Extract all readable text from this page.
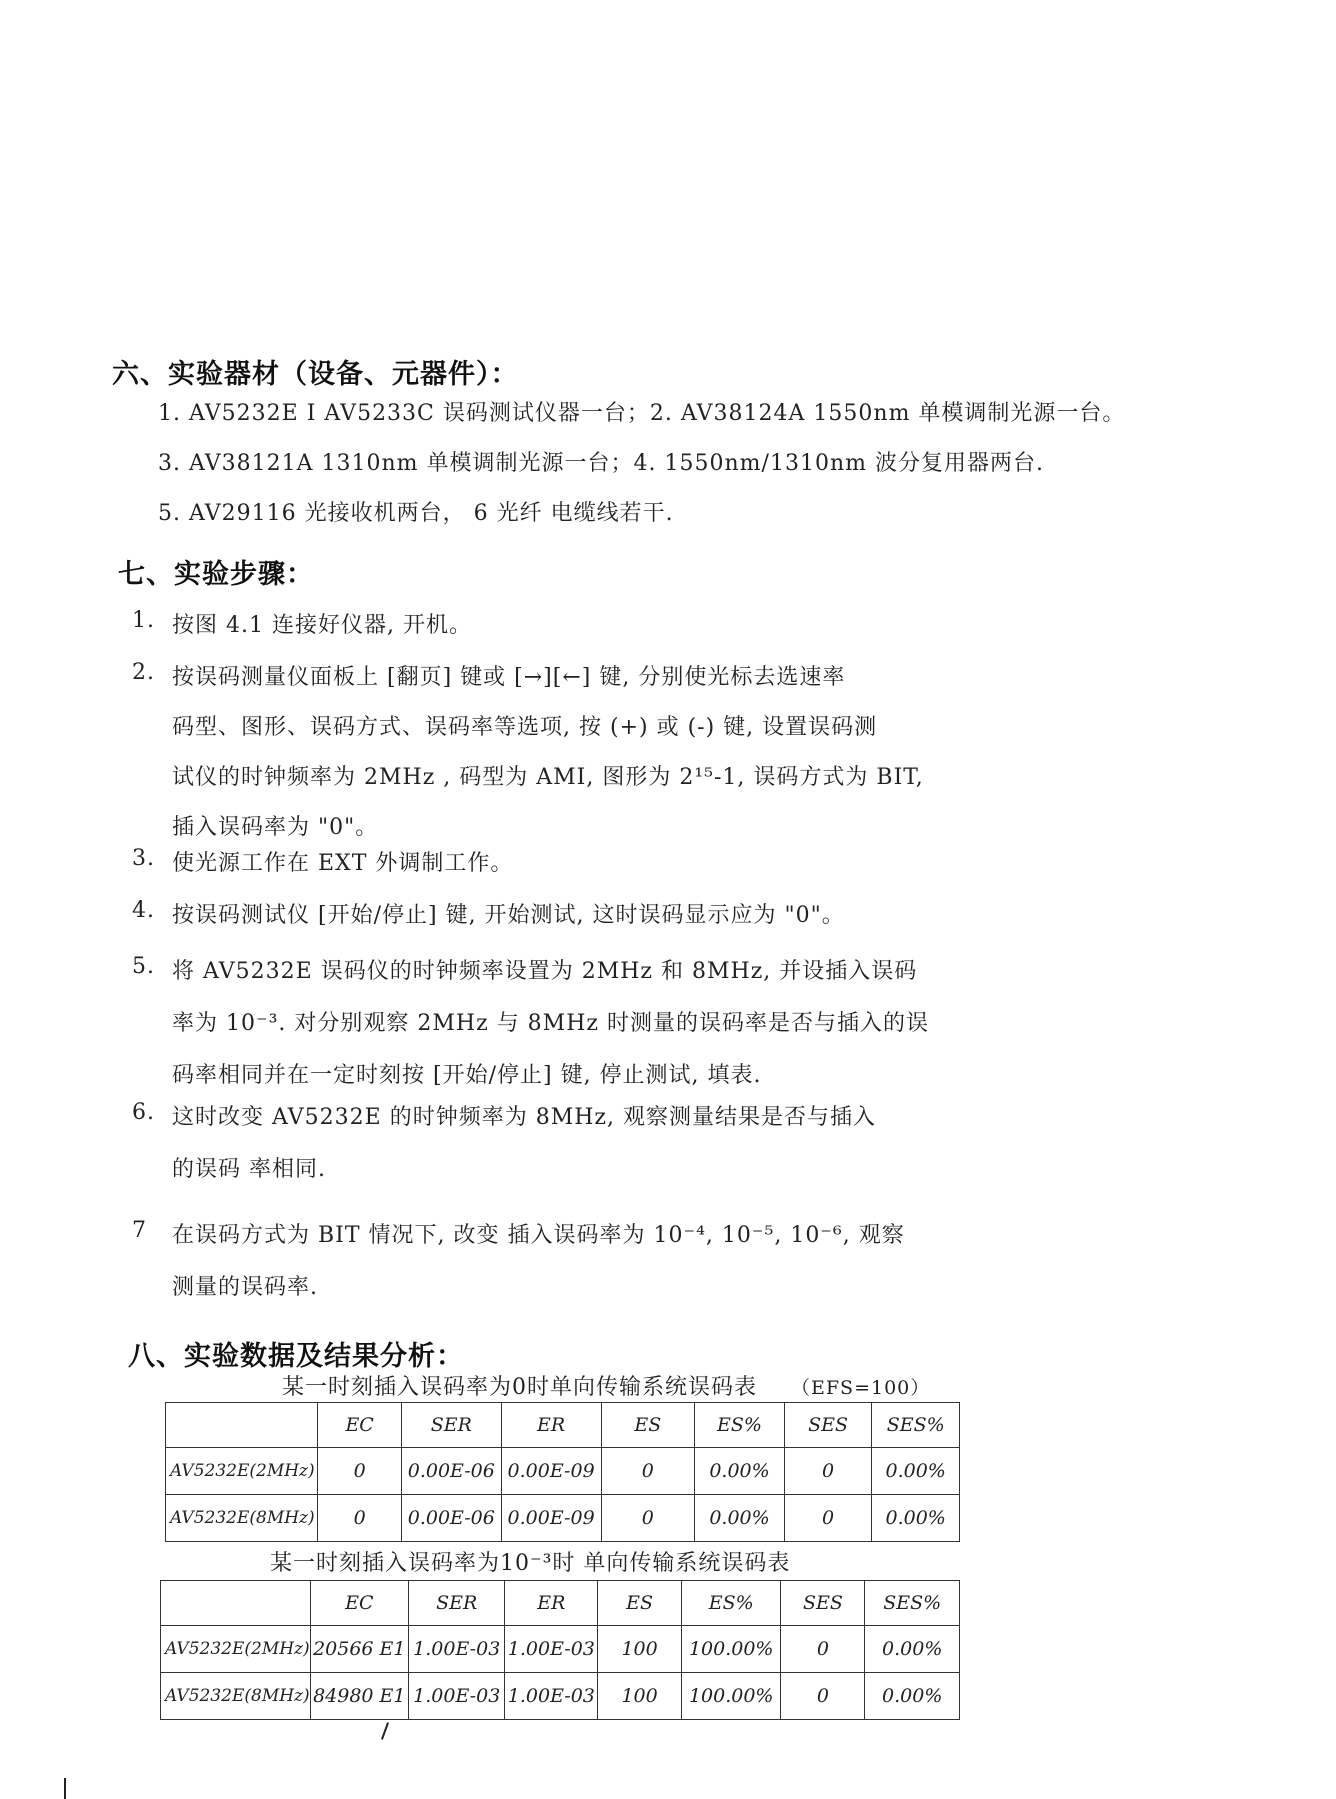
六、实验器材（设备、元器件）：
1. AV5232E I AV5233C 误码测试仪器一台；2. AV38124A 1550nm 单模调制光源一台。
3. AV38121A 1310nm 单模调制光源一台；4. 1550nm/1310nm 波分复用器两台.
5. AV29116 光接收机两台， 6 光纤 电缆线若干.
七、实验步骤：
1. 按图 4.1 连接好仪器, 开机。
2. 按误码测量仪面板上 [翻页] 键或 [→][←] 键, 分别使光标去选速率
码型、图形、误码方式、误码率等选项, 按 (+) 或 (-) 键, 设置误码测
试仪的时钟频率为 2MHz , 码型为 AMI, 图形为 2¹⁵-1, 误码方式为 BIT,
插入误码率为 "0"。
3. 使光源工作在 EXT 外调制工作。
4. 按误码测试仪 [开始/停止] 键, 开始测试, 这时误码显示应为 "0"。
5. 将 AV5232E 误码仪的时钟频率设置为 2MHz 和 8MHz, 并设插入误码
率为 10⁻³. 对分别观察 2MHz 与 8MHz 时测量的误码率是否与插入的误
码率相同并在一定时刻按 [开始/停止] 键, 停止测试, 填表.
6. 这时改变 AV5232E 的时钟频率为 8MHz, 观察测量结果是否与插入
的误码 率相同.
7	在误码方式为 BIT 情况下, 改变 插入误码率为 10⁻⁴, 10⁻⁵, 10⁻⁶, 观察
测量的误码率.
八、实验数据及结果分析：
某一时刻插入误码率为0时单向传输系统误码表 （EFS=100）
	EC	SER	ER	ES	ES%	SES	SES%
AV5232E(2MHz)	0	0.00E-06	0.00E-09	0	0.00%	0	0.00%
AV5232E(8MHz)	0	0.00E-06	0.00E-09	0	0.00%	0	0.00%
某一时刻插入误码率为10⁻³时 单向传输系统误码表
	EC	SER	ER	ES	ES%	SES	SES%
AV5232E(2MHz)	20566 E1	1.00E-03	1.00E-03	100	100.00%	0	0.00%
AV5232E(8MHz)	84980 E1	1.00E-03	1.00E-03	100	100.00%	0	0.00%
